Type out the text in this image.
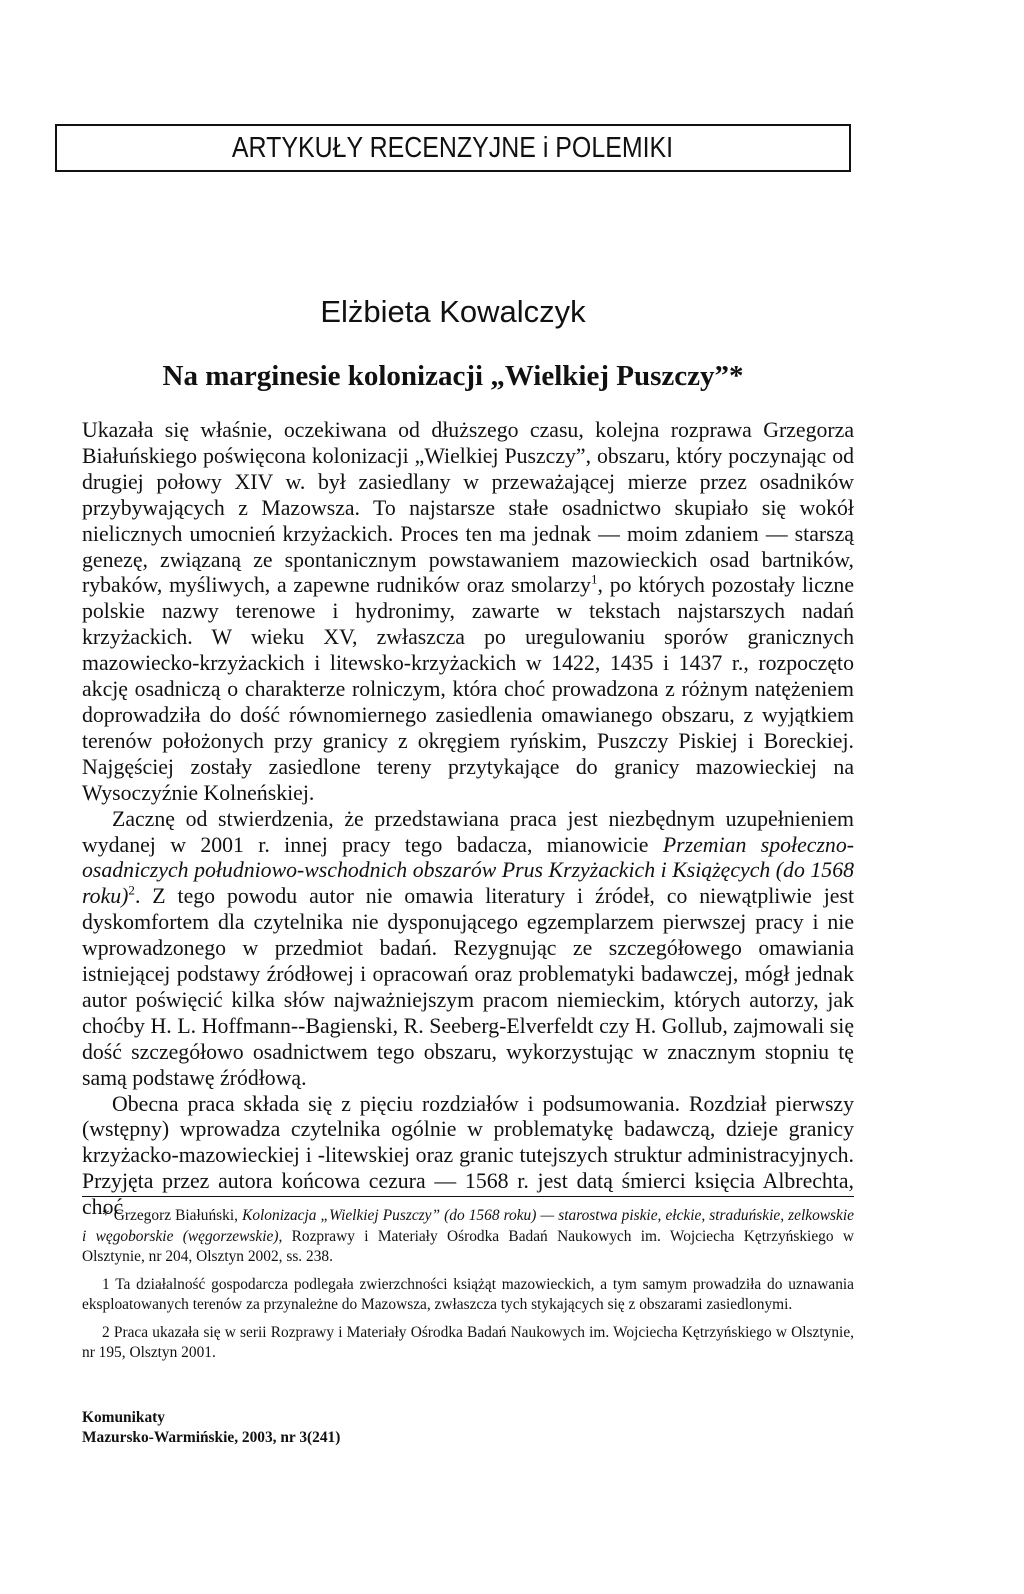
ARTYKUŁY RECENZYJNE i POLEMIKI
Elżbieta Kowalczyk
Na marginesie kolonizacji „Wielkiej Puszczy”*

Ukazała się właśnie, oczekiwana od dłuższego czasu, kolejna rozprawa Grzegorza Białuńskiego poświęcona kolonizacji „Wielkiej Puszczy”, obszaru, który poczynając od drugiej połowy XIV w. był zasiedlany w przeważającej mierze przez osadników przybywających z Mazowsza. To najstarsze stałe osadnictwo skupiało się wokół nielicznych umocnień krzyżackich. Proces ten ma jednak — moim zdaniem — starszą genezę, związaną ze spontanicznym powstawaniem mazowieckich osad bartników, rybaków, myśliwych, a zapewne rudników oraz smolarzy$^1$, po których pozostały liczne polskie nazwy terenowe i hydronimy, zawarte w tekstach najstarszych nadań krzyżackich. W wieku XV, zwłaszcza po uregulowaniu sporów granicznych mazowiecko-krzyżackich i litewsko-krzyżackich w 1422, 1435 i 1437 r., rozpoczęto akcję osadniczą o charakterze rolniczym, która choć prowadzona z różnym natężeniem doprowadziła do dość równomiernego zasiedlenia omawianego obszaru, z wyjątkiem terenów położonych przy granicy z okręgiem ryńskim, Puszczy Piskiej i Boreckiej. Najgęściej zostały zasiedlone tereny przytykające do granicy mazowieckiej na Wysoczyźnie Kolneńskiej.

Zacznę od stwierdzenia, że przedstawiana praca jest niezbędnym uzupełnieniem wydanej w 2001 r. innej pracy tego badacza, mianowicie Przemian społeczno-osadniczych południowo-wschodnich obszarów Prus Krzyżackich i Książęcych (do 1568 roku)$^2$. Z tego powodu autor nie omawia literatury i źródeł, co niewątpliwie jest dyskomfortem dla czytelnika nie dysponującego egzemplarzem pierwszej pracy i nie wprowadzonego w przedmiot badań. Rezygnując ze szczegółowego omawiania istniejącej podstawy źródłowej i opracowań oraz problematyki badawczej, mógł jednak autor poświęcić kilka słów najważniejszym pracom niemieckim, których autorzy, jak choćby H. L. Hoffmann--Bagienski, R. Seeberg-Elverfeldt czy H. Gollub, zajmowali się dość szczegółowo osadnictwem tego obszaru, wykorzystując w znacznym stopniu tę samą podstawę źródłową.

Obecna praca składa się z pięciu rozdziałów i podsumowania. Rozdział pierwszy (wstępny) wprowadza czytelnika ogólnie w problematykę badawczą, dzieje granicy krzyżacko-mazowieckiej i -litewskiej oraz granic tutejszych struktur administracyjnych. Przyjęta przez autora końcowa cezura — 1568 r. jest datą śmierci księcia Albrechta, choć

* Grzegorz Białuński, Kolonizacja „Wielkiej Puszczy” (do 1568 roku) — starostwa piskie, ełckie, straduńskie, zelkowskie i węgoborskie (węgorzewskie), Rozprawy i Materiały Ośrodka Badań Naukowych im. Wojciecha Kętrzyńskiego w Olsztynie, nr 204, Olsztyn 2002, ss. 238.

1 Ta działalność gospodarcza podlegała zwierzchności książąt mazowieckich, a tym samym prowadziła do uznawania eksploatowanych terenów za przynależne do Mazowsza, zwłaszcza tych stykających się z obszarami zasiedlonymi.

2 Praca ukazała się w serii Rozprawy i Materiały Ośrodka Badań Naukowych im. Wojciecha Kętrzyńskiego w Olsztynie, nr 195, Olsztyn 2001.

Komunikaty
Mazursko-Warmińskie, 2003, nr 3(241)
